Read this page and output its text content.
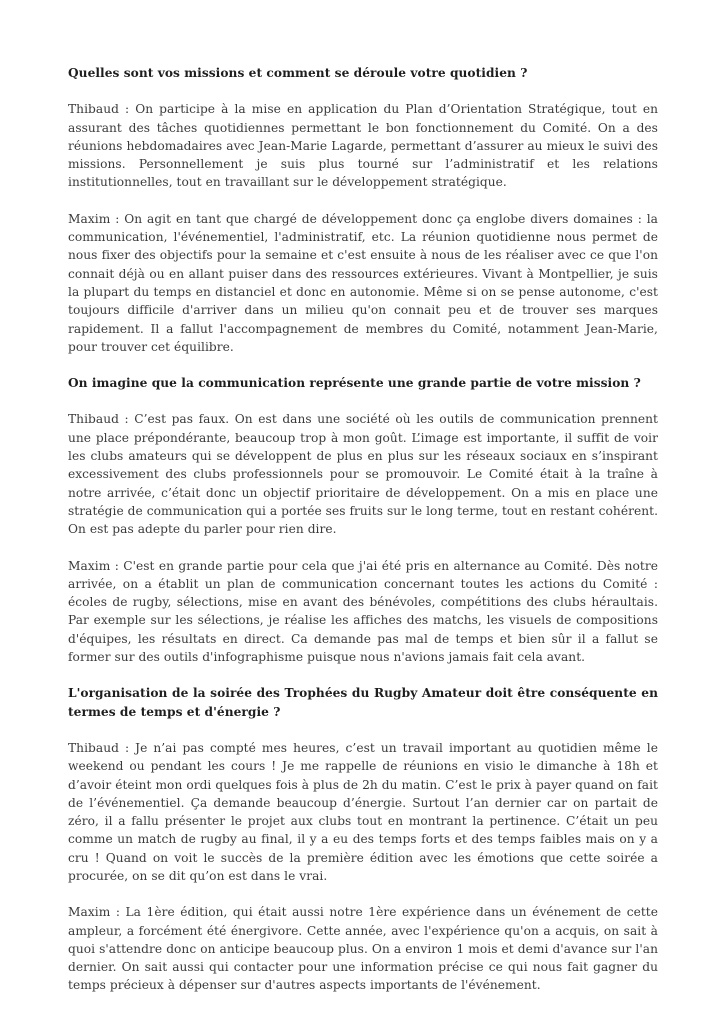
Quelles sont vos missions et comment se déroule votre quotidien ?

Thibaud : On participe à la mise en application du Plan d’Orientation Stratégique, tout en assurant des tâches quotidiennes permettant le bon fonctionnement du Comité. On a des réunions hebdomadaires avec Jean-Marie Lagarde, permettant d’assurer au mieux le suivi des missions. Personnellement je suis plus tourné sur l’administratif et les relations institutionnelles, tout en travaillant sur le développement stratégique.

Maxim : On agit en tant que chargé de développement donc ça englobe divers domaines : la communication, l'événementiel, l'administratif, etc. La réunion quotidienne nous permet de nous fixer des objectifs pour la semaine et c'est ensuite à nous de les réaliser avec ce que l'on connait déjà ou en allant puiser dans des ressources extérieures. Vivant à Montpellier, je suis la plupart du temps en distanciel et donc en autonomie. Même si on se pense autonome, c'est toujours difficile d'arriver dans un milieu qu'on connait peu et de trouver ses marques rapidement. Il a fallut l'accompagnement de membres du Comité, notamment Jean-Marie, pour trouver cet équilibre.

On imagine que la communication représente une grande partie de votre mission ?

Thibaud : C’est pas faux. On est dans une société où les outils de communication prennent une place prépondérante, beaucoup trop à mon goût. L’image est importante, il suffit de voir les clubs amateurs qui se développent de plus en plus sur les réseaux sociaux en s’inspirant excessivement des clubs professionnels pour se promouvoir. Le Comité était à la traîne à notre arrivée, c’était donc un objectif prioritaire de développement. On a mis en place une stratégie de communication qui a portée ses fruits sur le long terme, tout en restant cohérent. On est pas adepte du parler pour rien dire.

Maxim : C'est en grande partie pour cela que j'ai été pris en alternance au Comité. Dès notre arrivée, on a établit un plan de communication concernant toutes les actions du Comité : écoles de rugby, sélections, mise en avant des bénévoles, compétitions des clubs héraultais. Par exemple sur les sélections, je réalise les affiches des matchs, les visuels de compositions d'équipes, les résultats en direct. Ca demande pas mal de temps et bien sûr il a fallut se former sur des outils d'infographisme puisque nous n'avions jamais fait cela avant.

L'organisation de la soirée des Trophées du Rugby Amateur doit être conséquente en termes de temps et d'énergie ?

Thibaud : Je n’ai pas compté mes heures, c’est un travail important au quotidien même le weekend ou pendant les cours ! Je me rappelle de réunions en visio le dimanche à 18h et d’avoir éteint mon ordi quelques fois à plus de 2h du matin. C’est le prix à payer quand on fait de l’événementiel. Ça demande beaucoup d’énergie. Surtout l’an dernier car on partait de zéro, il a fallu présenter le projet aux clubs tout en montrant la pertinence. C’était un peu comme un match de rugby au final, il y a eu des temps forts et des temps faibles mais on y a cru ! Quand on voit le succès de la première édition avec les émotions que cette soirée a procurée, on se dit qu’on est dans le vrai.

Maxim : La 1ère édition, qui était aussi notre 1ère expérience dans un événement de cette ampleur, a forcément été énergivore. Cette année, avec l'expérience qu'on a acquis, on sait à quoi s'attendre donc on anticipe beaucoup plus. On a environ 1 mois et demi d'avance sur l'an dernier. On sait aussi qui contacter pour une information précise ce qui nous fait gagner du temps précieux à dépenser sur d'autres aspects importants de l'événement.
